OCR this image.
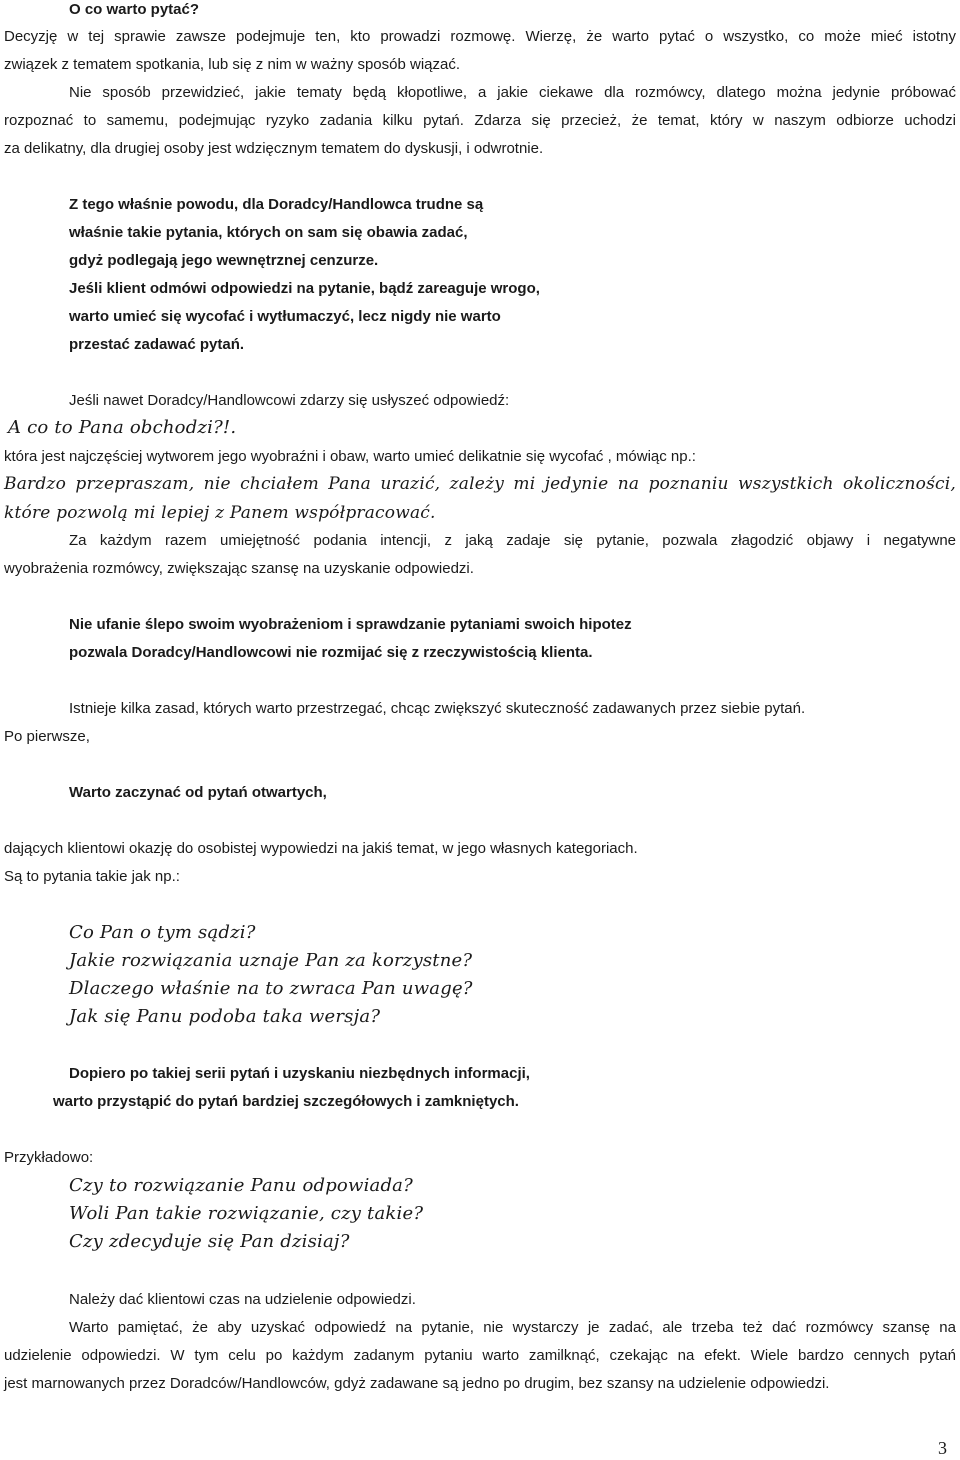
O co warto pytać?
Decyzję w tej sprawie zawsze podejmuje ten, kto prowadzi rozmowę. Wierzę, że warto pytać o wszystko, co może mieć istotny
związek z tematem spotkania, lub się z nim w ważny sposób wiązać.
Nie sposób przewidzieć, jakie tematy będą kłopotliwe, a jakie ciekawe dla rozmówcy, dlatego można jedynie próbować
rozpoznać to samemu, podejmując ryzyko zadania kilku pytań. Zdarza się przecież, że temat, który w naszym odbiorze uchodzi
za delikatny, dla drugiej osoby jest wdzięcznym tematem do dyskusji, i odwrotnie.
Z tego właśnie powodu, dla Doradcy/Handlowca trudne są
właśnie takie pytania, których on sam się obawia zadać,
gdyż podlegają jego wewnętrznej cenzurze.
Jeśli klient odmówi odpowiedzi na pytanie, bądź zareaguje wrogo,
warto umieć się wycofać i wytłumaczyć, lecz nigdy nie warto
przestać zadawać pytań.
Jeśli nawet Doradcy/Handlowcowi zdarzy się usłyszeć odpowiedź:
A co to Pana obchodzi?!.
która jest najczęściej wytworem jego wyobraźni i obaw, warto umieć delikatnie się wycofać , mówiąc np.:
Bardzo przepraszam, nie chciałem Pana urazić, zależy mi jedynie na poznaniu wszystkich okoliczności,
które pozwolą mi lepiej z Panem współpracować.
Za każdym razem umiejętność podania intencji, z jaką zadaje się pytanie, pozwala złagodzić objawy i negatywne
wyobrażenia rozmówcy, zwiększając szansę na uzyskanie odpowiedzi.
Nie ufanie ślepo swoim wyobrażeniom i sprawdzanie pytaniami swoich hipotez
pozwala Doradcy/Handlowcowi nie rozmijać się z rzeczywistością klienta.
Istnieje kilka zasad, których warto przestrzegać, chcąc zwiększyć skuteczność zadawanych przez siebie pytań.
Po pierwsze,
Warto zaczynać od pytań otwartych,
dających klientowi okazję do osobistej wypowiedzi na jakiś temat, w jego własnych kategoriach.
Są to pytania takie jak np.:
Co Pan o tym sądzi?
Jakie rozwiązania uznaje Pan za korzystne?
Dlaczego właśnie na to zwraca Pan uwagę?
Jak się Panu podoba taka wersja?
Dopiero po takiej serii pytań i uzyskaniu niezbędnych informacji,
warto przystąpić do pytań bardziej szczegółowych i zamkniętych.
Przykładowo:
Czy to rozwiązanie Panu odpowiada?
Woli Pan takie rozwiązanie, czy takie?
Czy zdecyduje się Pan dzisiaj?
Należy dać klientowi czas na udzielenie odpowiedzi.
Warto pamiętać, że aby uzyskać odpowiedź na pytanie, nie wystarczy je zadać, ale trzeba też dać rozmówcy szansę na
udzielenie odpowiedzi. W tym celu po każdym zadanym pytaniu warto zamilknąć, czekając na efekt. Wiele bardzo cennych pytań
jest marnowanych przez Doradców/Handlowców, gdyż zadawane są jedno po drugim, bez szansy na udzielenie odpowiedzi.
3
